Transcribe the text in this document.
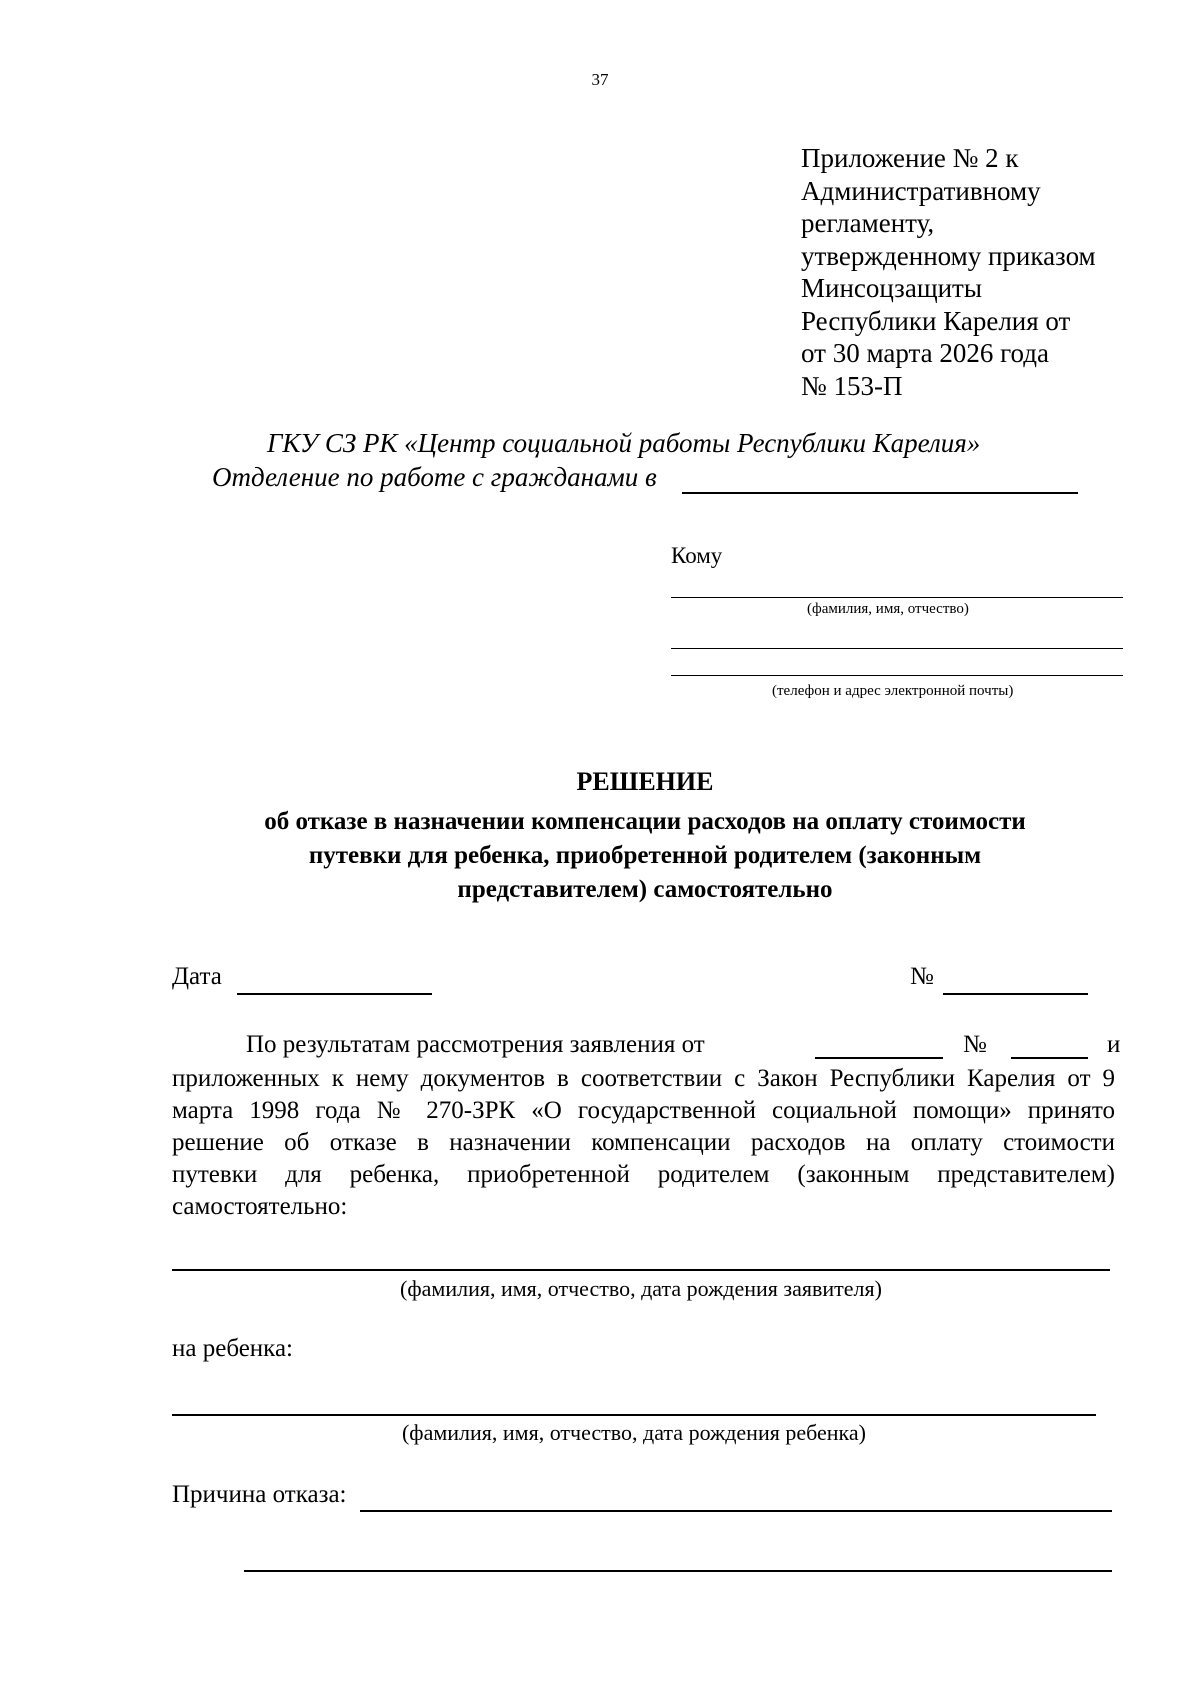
37
Приложение № 2 к
Административному
регламенту,
утвержденному приказом
Минсоцзащиты
Республики Карелия от
от 30 марта 2026 года
№ 153-П
ГКУ СЗ РК «Центр социальной работы Республики Карелия»
Отделение по работе с гражданами в
Кому
(фамилия, имя, отчество)
(телефон и адрес электронной почты)
РЕШЕНИЕ
об отказе в назначении компенсации расходов на оплату стоимости
путевки для ребенка, приобретенной родителем (законным
представителем) самостоятельно
Дата	№
По результатам рассмотрения заявления от	№	и
приложенных к нему документов в соответствии с Закон Республики Карелия от 9
марта 1998 года № 270-ЗРК «О государственной социальной помощи» принято
решение об отказе в назначении компенсации расходов на оплату стоимости
путевки для ребенка, приобретенной родителем (законным представителем)
самостоятельно:
(фамилия, имя, отчество, дата рождения заявителя)
на ребенка:
(фамилия, имя, отчество, дата рождения ребенка)
Причина отказа:
